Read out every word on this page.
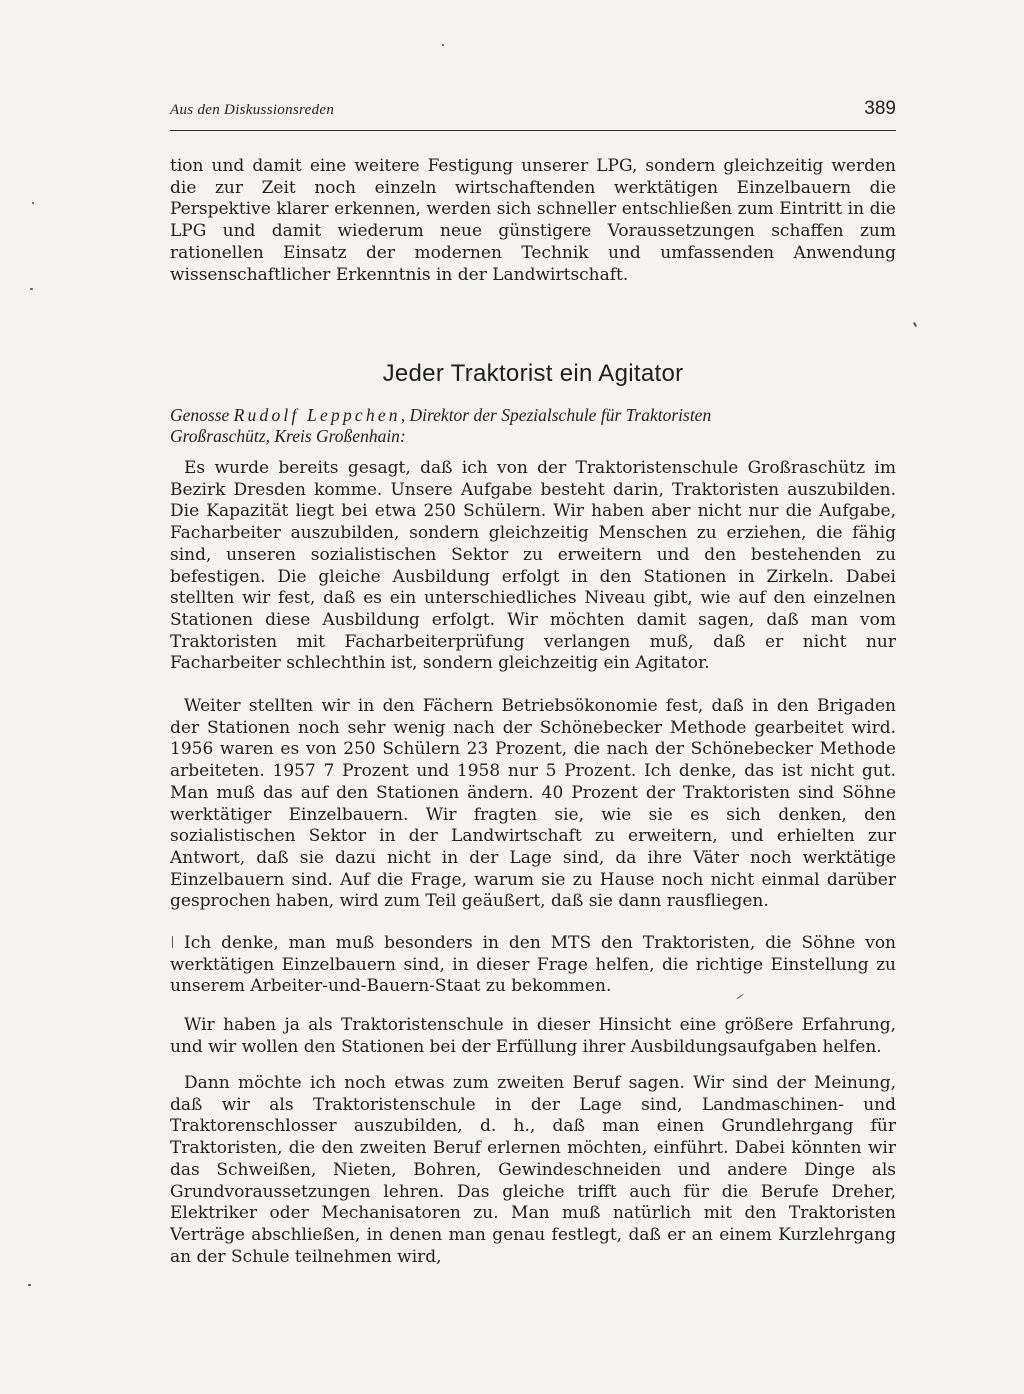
Aus den Diskussionsreden	389

tion und damit eine weitere Festigung unserer LPG, sondern gleichzeitig werden die zur Zeit noch einzeln wirtschaftenden werktätigen Einzelbauern die Perspektive klarer erkennen, werden sich schneller entschließen zum Eintritt in die LPG und damit wiederum neue günstigere Voraussetzungen schaffen zum rationellen Einsatz der modernen Technik und umfassenden Anwendung wissenschaftlicher Erkenntnis in der Landwirtschaft.

Jeder Traktorist ein Agitator

Genosse Rudolf Leppchen, Direktor der Spezialschule für Traktoristen
Großraschütz, Kreis Großenhain:

Es wurde bereits gesagt, daß ich von der Traktoristenschule Großraschütz im Bezirk Dresden komme. Unsere Aufgabe besteht darin, Traktoristen auszubilden. Die Kapazität liegt bei etwa 250 Schülern. Wir haben aber nicht nur die Aufgabe, Facharbeiter auszubilden, sondern gleichzeitig Menschen zu erziehen, die fähig sind, unseren sozialistischen Sektor zu erweitern und den bestehenden zu befestigen. Die gleiche Ausbildung erfolgt in den Stationen in Zirkeln. Dabei stellten wir fest, daß es ein unterschiedliches Niveau gibt, wie auf den einzelnen Stationen diese Ausbildung erfolgt. Wir möchten damit sagen, daß man vom Traktoristen mit Facharbeiterprüfung verlangen muß, daß er nicht nur Facharbeiter schlechthin ist, sondern gleichzeitig ein Agitator.

Weiter stellten wir in den Fächern Betriebsökonomie fest, daß in den Brigaden der Stationen noch sehr wenig nach der Schönebecker Methode gearbeitet wird. 1956 waren es von 250 Schülern 23 Prozent, die nach der Schönebecker Methode arbeiteten. 1957 7 Prozent und 1958 nur 5 Prozent. Ich denke, das ist nicht gut. Man muß das auf den Stationen ändern. 40 Prozent der Traktoristen sind Söhne werktätiger Einzelbauern. Wir fragten sie, wie sie es sich denken, den sozialistischen Sektor in der Landwirtschaft zu erweitern, und erhielten zur Antwort, daß sie dazu nicht in der Lage sind, da ihre Väter noch werktätige Einzelbauern sind. Auf die Frage, warum sie zu Hause noch nicht einmal darüber gesprochen haben, wird zum Teil geäußert, daß sie dann rausfliegen.

Ich denke, man muß besonders in den MTS den Traktoristen, die Söhne von werktätigen Einzelbauern sind, in dieser Frage helfen, die richtige Einstellung zu unserem Arbeiter-und-Bauern-Staat zu bekommen.

Wir haben ja als Traktoristenschule in dieser Hinsicht eine größere Erfahrung, und wir wollen den Stationen bei der Erfüllung ihrer Ausbildungsaufgaben helfen.

Dann möchte ich noch etwas zum zweiten Beruf sagen. Wir sind der Meinung, daß wir als Traktoristenschule in der Lage sind, Landmaschinen- und Traktorenschlosser auszubilden, d. h., daß man einen Grundlehrgang für Traktoristen, die den zweiten Beruf erlernen möchten, einführt. Dabei könnten wir das Schweißen, Nieten, Bohren, Gewindeschneiden und andere Dinge als Grundvoraussetzungen lehren. Das gleiche trifft auch für die Berufe Dreher, Elektriker oder Mechanisatoren zu. Man muß natürlich mit den Traktoristen Verträge abschließen, in denen man genau festlegt, daß er an einem Kurzlehrgang an der Schule teilnehmen wird,
